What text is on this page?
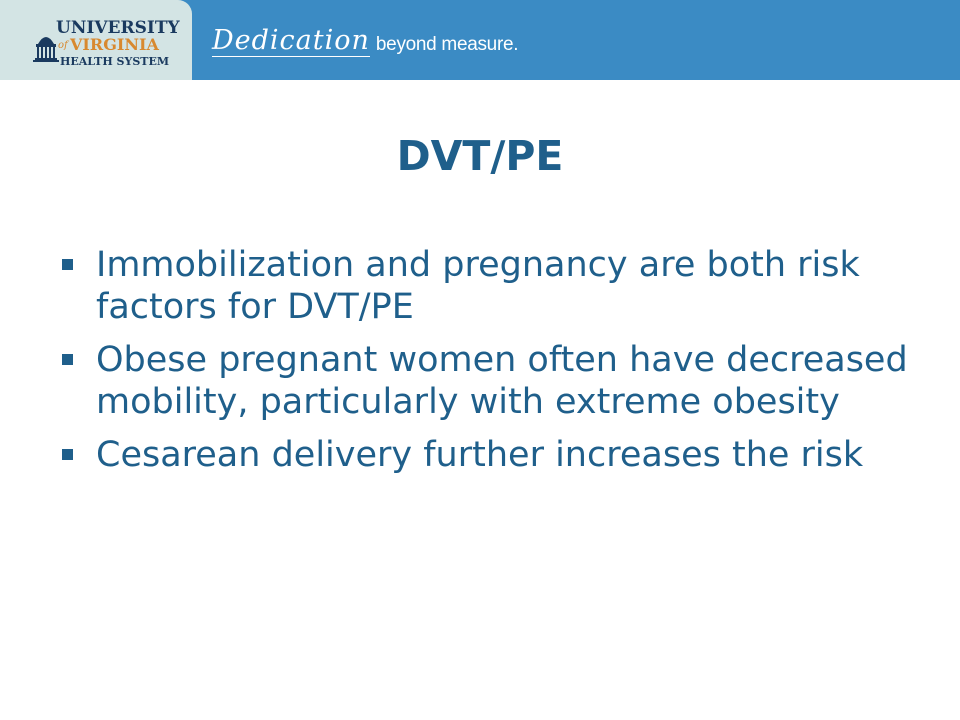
UNIVERSITY
of VIRGINIA
HEALTH SYSTEM
Dedication beyond measure.
DVT/PE
Immobilization and pregnancy are both risk factors for DVT/PE
Obese pregnant women often have decreased mobility, particularly with extreme obesity
Cesarean delivery further increases the risk
